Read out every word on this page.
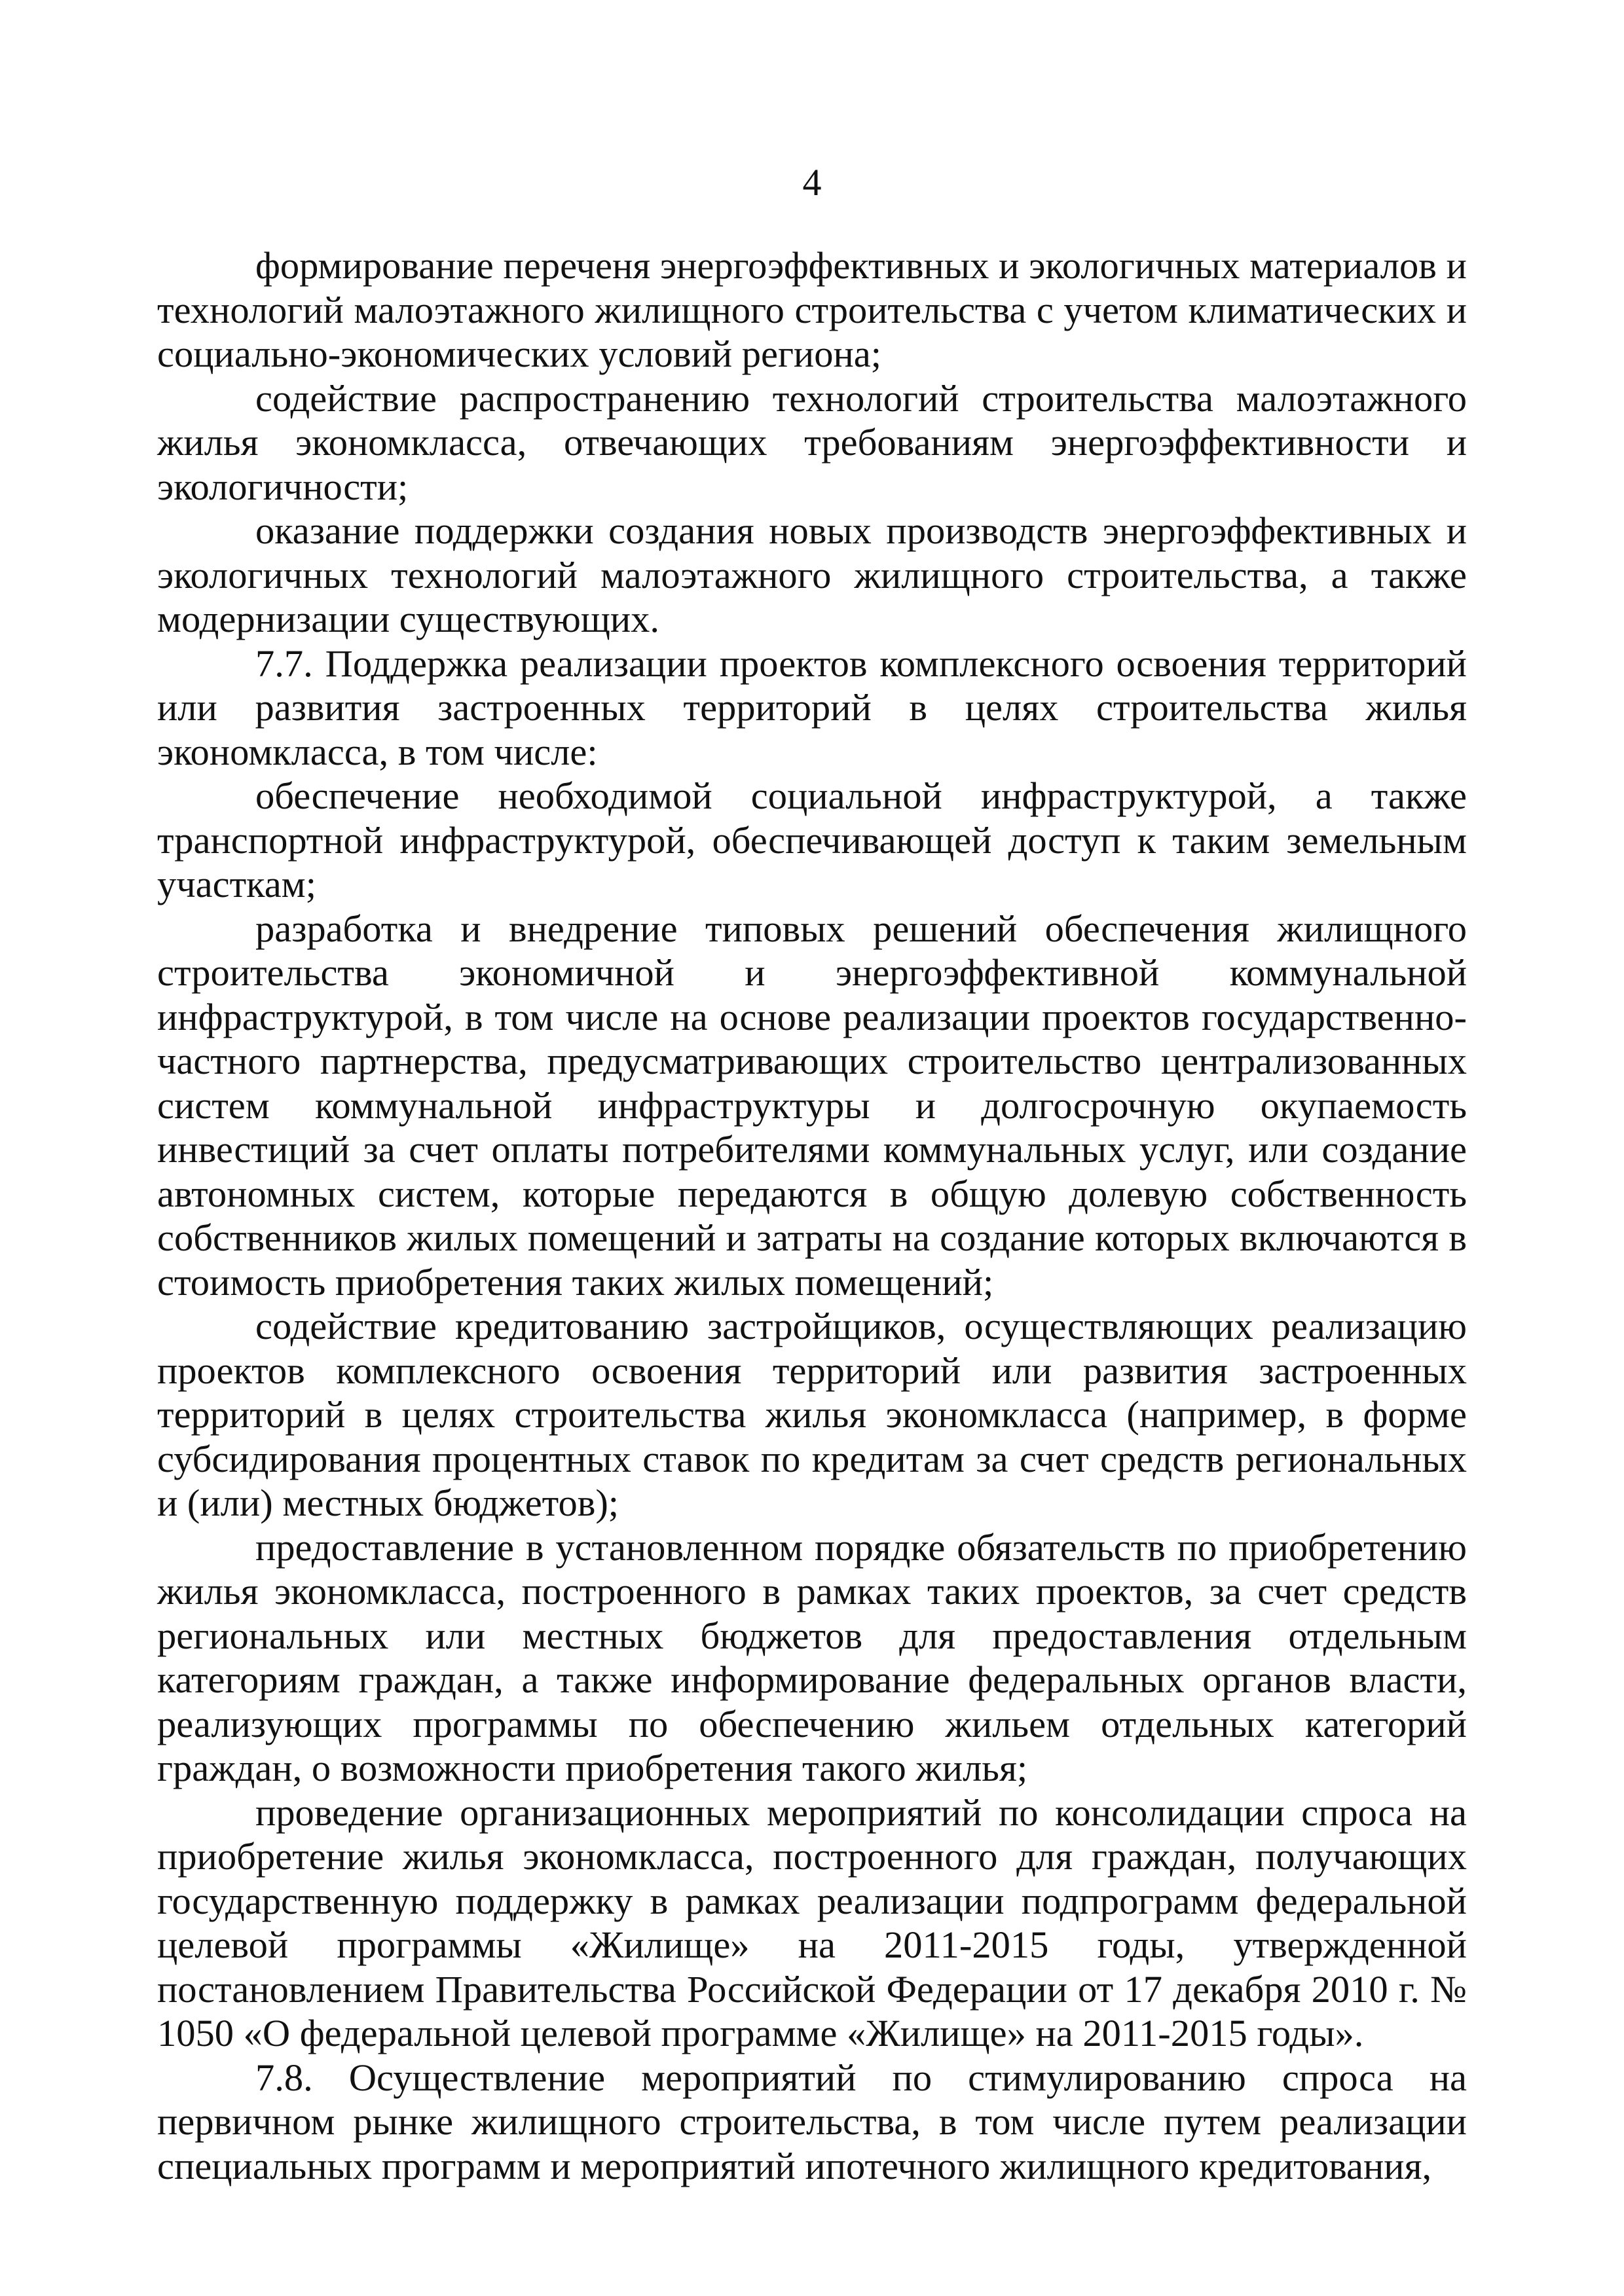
4

формирование переченя энергоэффективных и экологичных материалов и технологий малоэтажного жилищного строительства с учетом климатических и социально-экономических условий региона;

содействие распространению технологий строительства малоэтажного жилья экономкласса, отвечающих требованиям энергоэффективности и экологичности;

оказание поддержки создания новых производств энергоэффективных и экологичных технологий малоэтажного жилищного строительства, а также модернизации существующих.

7.7. Поддержка реализации проектов комплексного освоения территорий или развития застроенных территорий в целях строительства жилья экономкласса, в том числе:

обеспечение необходимой социальной инфраструктурой, а также транспортной инфраструктурой, обеспечивающей доступ к таким земельным участкам;

разработка и внедрение типовых решений обеспечения жилищного строительства экономичной и энергоэффективной коммунальной инфраструктурой, в том числе на основе реализации проектов государственно-частного партнерства, предусматривающих строительство централизованных систем коммунальной инфраструктуры и долгосрочную окупаемость инвестиций за счет оплаты потребителями коммунальных услуг, или создание автономных систем, которые передаются в общую долевую собственность собственников жилых помещений и затраты на создание которых включаются в стоимость приобретения таких жилых помещений;

содействие кредитованию застройщиков, осуществляющих реализацию проектов комплексного освоения территорий или развития застроенных территорий в целях строительства жилья экономкласса (например, в форме субсидирования процентных ставок по кредитам за счет средств региональных и (или) местных бюджетов);

предоставление в установленном порядке обязательств по приобретению жилья экономкласса, построенного в рамках таких проектов, за счет средств региональных или местных бюджетов для предоставления отдельным категориям граждан, а также информирование федеральных органов власти, реализующих программы по обеспечению жильем отдельных категорий граждан, о возможности приобретения такого жилья;

проведение организационных мероприятий по консолидации спроса на приобретение жилья экономкласса, построенного для граждан, получающих государственную поддержку в рамках реализации подпрограмм федеральной целевой программы «Жилище» на 2011-2015 годы, утвержденной постановлением Правительства Российской Федерации от 17 декабря 2010 г. № 1050 «О федеральной целевой программе «Жилище» на 2011-2015 годы».

7.8. Осуществление мероприятий по стимулированию спроса на первичном рынке жилищного строительства, в том числе путем реализации специальных программ и мероприятий ипотечного жилищного кредитования,
